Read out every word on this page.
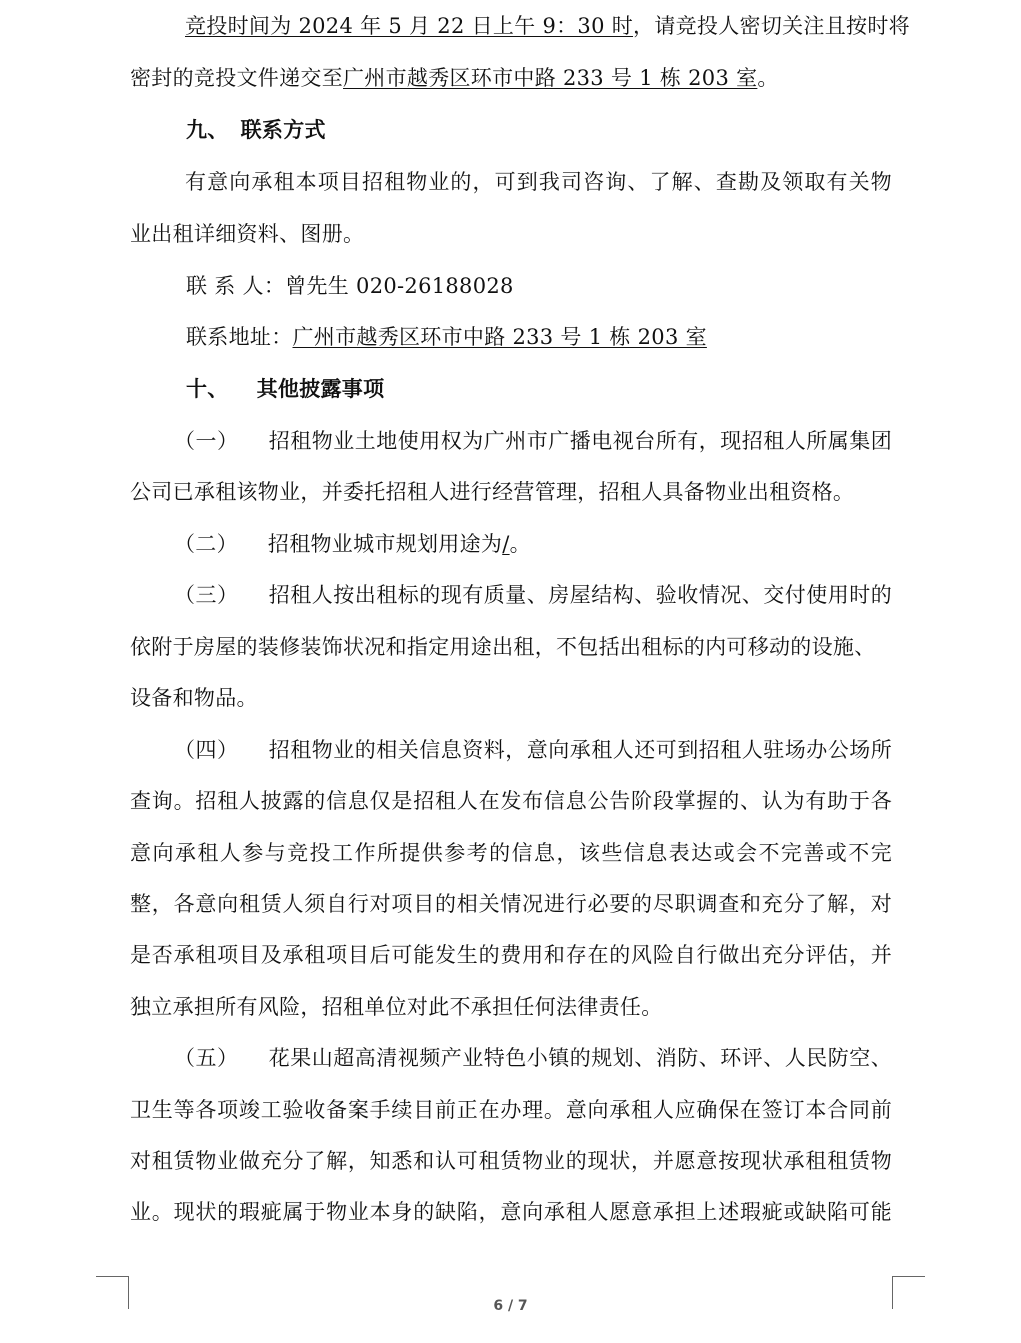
竞投时间为 2024 年 5 月 22 日上午 9：30 时，请竞投人密切关注且按时将
密封的竞投文件递交至广州市越秀区环市中路 233 号 1 栋 203 室。
九、 联系方式
有意向承租本项目招租物业的，可到我司咨询、了解、查勘及领取有关物
业出租详细资料、图册。
联 系 人：曾先生 020-26188028
联系地址：广州市越秀区环市中路 233 号 1 栋 203 室
十、 其他披露事项
（一） 招租物业土地使用权为广州市广播电视台所有，现招租人所属集团
公司已承租该物业，并委托招租人进行经营管理，招租人具备物业出租资格。
（二） 招租物业城市规划用途为/。
（三） 招租人按出租标的现有质量、房屋结构、验收情况、交付使用时的
依附于房屋的装修装饰状况和指定用途出租，不包括出租标的内可移动的设施、
设备和物品。
（四） 招租物业的相关信息资料，意向承租人还可到招租人驻场办公场所
查询。招租人披露的信息仅是招租人在发布信息公告阶段掌握的、认为有助于各
意向承租人参与竞投工作所提供参考的信息，该些信息表达或会不完善或不完
整，各意向租赁人须自行对项目的相关情况进行必要的尽职调查和充分了解，对
是否承租项目及承租项目后可能发生的费用和存在的风险自行做出充分评估，并
独立承担所有风险，招租单位对此不承担任何法律责任。
（五） 花果山超高清视频产业特色小镇的规划、消防、环评、人民防空、
卫生等各项竣工验收备案手续目前正在办理。意向承租人应确保在签订本合同前
对租赁物业做充分了解，知悉和认可租赁物业的现状，并愿意按现状承租租赁物
业。现状的瑕疵属于物业本身的缺陷，意向承租人愿意承担上述瑕疵或缺陷可能
6 / 7
